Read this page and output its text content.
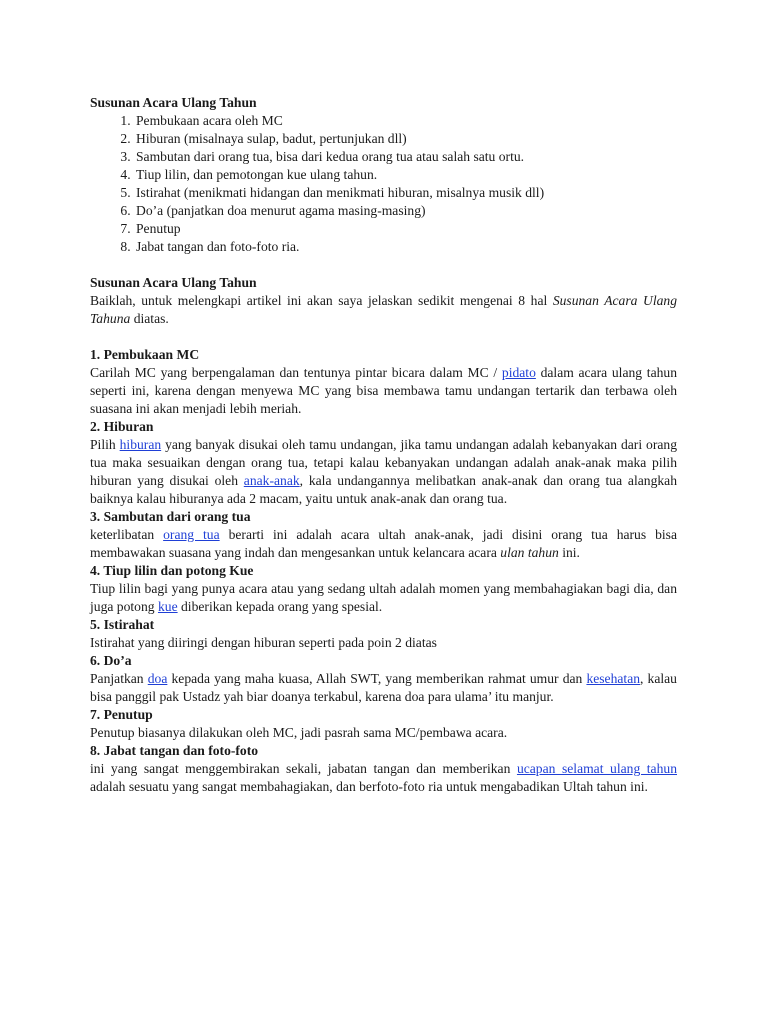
Susunan Acara Ulang Tahun

1. Pembukaan acara oleh MC
2. Hiburan (misalnaya sulap, badut, pertunjukan dll)
3. Sambutan dari orang tua, bisa dari kedua orang tua atau salah satu ortu.
4. Tiup lilin, dan pemotongan kue ulang tahun.
5. Istirahat (menikmati hidangan dan menikmati hiburan, misalnya musik dll)
6. Do’a (panjatkan doa menurut agama masing-masing)
7. Penutup
8. Jabat tangan dan foto-foto ria.

Susunan Acara Ulang Tahun

Baiklah, untuk melengkapi artikel ini akan saya jelaskan sedikit mengenai 8 hal Susunan Acara Ulang Tahuna diatas.

1. Pembukaan MC

Carilah MC yang berpengalaman dan tentunya pintar bicara dalam MC / pidato dalam acara ulang tahun seperti ini, karena dengan menyewa MC yang bisa membawa tamu undangan tertarik dan terbawa oleh suasana ini akan menjadi lebih meriah.

2. Hiburan

Pilih hiburan yang banyak disukai oleh tamu undangan, jika tamu undangan adalah kebanyakan dari orang tua maka sesuaikan dengan orang tua, tetapi kalau kebanyakan undangan adalah anak-anak maka pilih hiburan yang disukai oleh anak-anak, kala undangannya melibatkan anak-anak dan orang tua alangkah baiknya kalau hiburanya ada 2 macam, yaitu untuk anak-anak dan orang tua.

3. Sambutan dari orang tua

keterlibatan orang tua berarti ini adalah acara ultah anak-anak, jadi disini orang tua harus bisa membawakan suasana yang indah dan mengesankan untuk kelancara acara ulan tahun ini.

4. Tiup lilin dan potong Kue

Tiup lilin bagi yang punya acara atau yang sedang ultah adalah momen yang membahagiakan bagi dia, dan juga potong kue diberikan kepada orang yang spesial.

5. Istirahat

Istirahat yang diiringi dengan hiburan seperti pada poin 2 diatas

6. Do’a

Panjatkan doa kepada yang maha kuasa, Allah SWT, yang memberikan rahmat umur dan kesehatan, kalau bisa panggil pak Ustadz yah biar doanya terkabul, karena doa para ulama’ itu manjur.

7. Penutup

Penutup biasanya dilakukan oleh MC, jadi pasrah sama MC/pembawa acara.

8. Jabat tangan dan foto-foto

ini yang sangat menggembirakan sekali, jabatan tangan dan memberikan ucapan selamat ulang tahun adalah sesuatu yang sangat membahagiakan, dan berfoto-foto ria untuk mengabadikan Ultah tahun ini.
